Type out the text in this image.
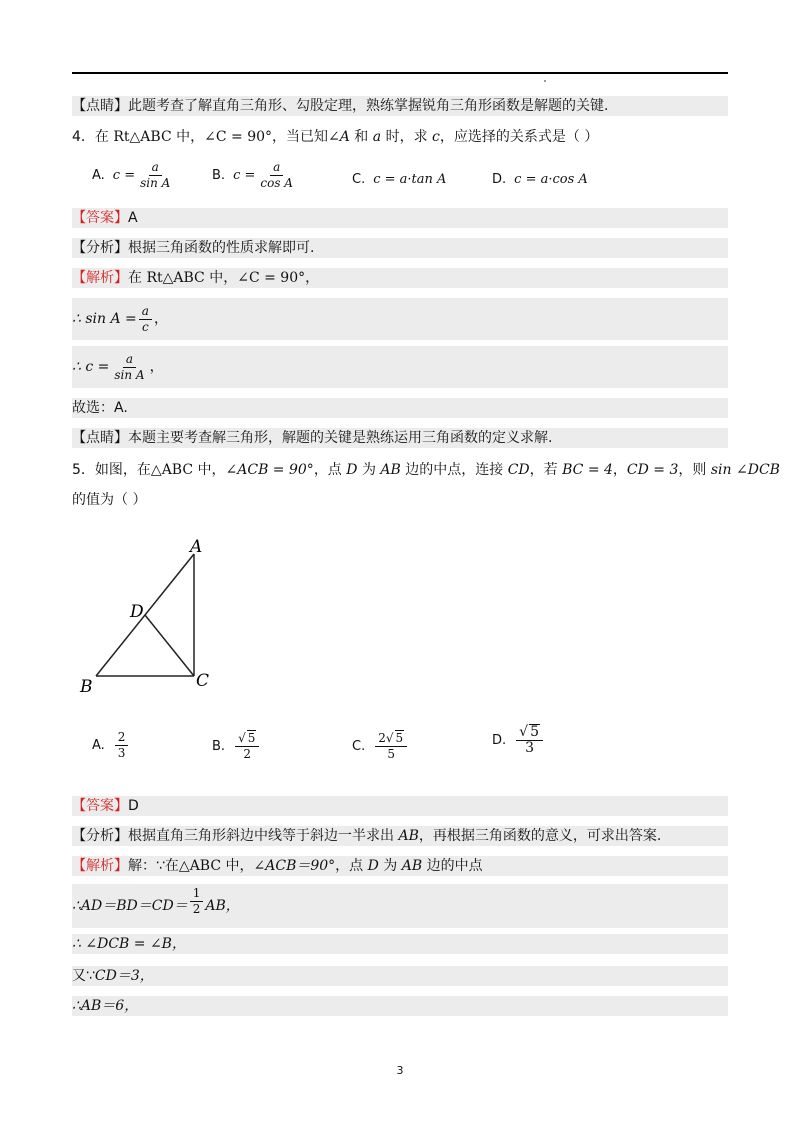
【点睛】此题考查了解直角三角形、勾股定理，熟练掌握锐角三角形函数是解题的关键.
4．在 Rt△ABC 中，∠C = 90°，当已知∠A 和 a 时，求 c，应选择的关系式是（ ）
A. $c = \frac{a}{\text{sin A}}$	B. $c = \frac{a}{\text{cos A}}$	C. c = a·tan A	D. c = a·cos A
【答案】A
【分析】根据三角函数的性质求解即可.
【解析】在 Rt△ABC 中，∠C = 90°，
∴ $\sin A = \frac{a}{c}$ ，
∴ $c = \frac{a}{\text{sin A}}$ ，
故选：A.
【点睛】本题主要考查解三角形，解题的关键是熟练运用三角函数的定义求解.
5．如图，在△ABC 中，∠ACB = 90°，点 D 为 AB 边的中点，连接 CD，若 BC = 4，CD = 3，则 sin ∠DCB
的值为（ ）
A
B	C
D
A. $\frac{2}{3}$	B. $\frac{√ 5}{2}$	C. $\frac{2√ 5}{5}$	D. $\frac{√ 5}{3}$
【答案】D
【分析】根据直角三角形斜边中线等于斜边一半求出 AB，再根据三角函数的意义，可求出答案.
【解析】解：∵在△ABC 中，∠ACB＝90°，点 D 为 AB 边的中点
∴AD＝BD＝CD＝ $\frac{1}{2}$ AB，
∴ ∠DCB = ∠B，
又∵CD＝3，
∴AB＝6，
3
